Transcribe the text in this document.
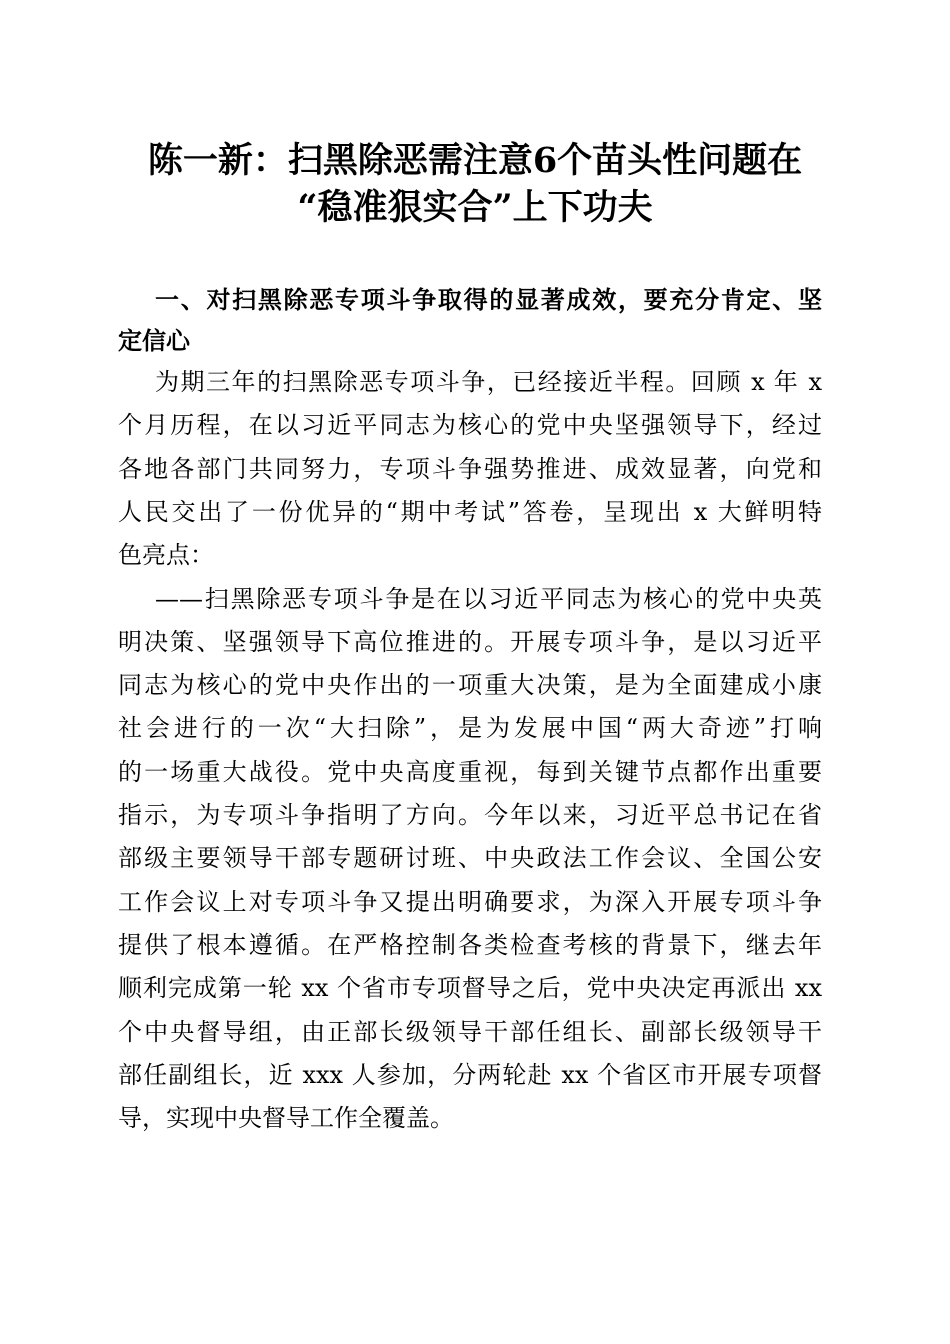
陈一新：扫黑除恶需注意6个苗头性问题在
“稳准狠实合”上下功夫
一、对扫黑除恶专项斗争取得的显著成效，要充分肯定、坚
定信心
为期三年的扫黑除恶专项斗争，已经接近半程。回顾 x 年 x
个月历程，在以习近平同志为核心的党中央坚强领导下，经过
各地各部门共同努力，专项斗争强势推进、成效显著，向党和
人民交出了一份优异的“期中考试”答卷，呈现出 x 大鲜明特
色亮点：
——扫黑除恶专项斗争是在以习近平同志为核心的党中央英
明决策、坚强领导下高位推进的。开展专项斗争，是以习近平
同志为核心的党中央作出的一项重大决策，是为全面建成小康
社会进行的一次“大扫除”，是为发展中国“两大奇迹”打响
的一场重大战役。党中央高度重视，每到关键节点都作出重要
指示，为专项斗争指明了方向。今年以来，习近平总书记在省
部级主要领导干部专题研讨班、中央政法工作会议、全国公安
工作会议上对专项斗争又提出明确要求，为深入开展专项斗争
提供了根本遵循。在严格控制各类检查考核的背景下，继去年
顺利完成第一轮 xx 个省市专项督导之后，党中央决定再派出 xx
个中央督导组，由正部长级领导干部任组长、副部长级领导干
部任副组长，近 xxx 人参加，分两轮赴 xx 个省区市开展专项督
导，实现中央督导工作全覆盖。
